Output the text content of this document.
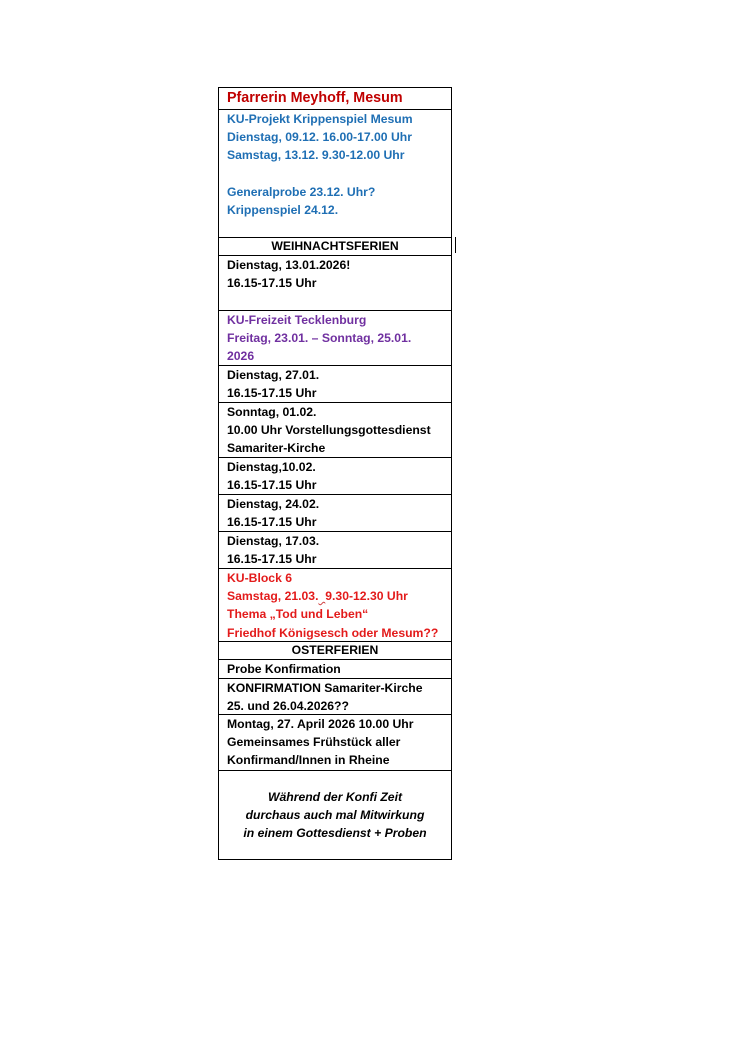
Pfarrerin Meyhoff, Mesum
KU-Projekt Krippenspiel Mesum
Dienstag, 09.12. 16.00-17.00 Uhr
Samstag, 13.12. 9.30-12.00 Uhr
Generalprobe 23.12. Uhr?
Krippenspiel 24.12.
WEIHNACHTSFERIEN
Dienstag, 13.01.2026!
16.15-17.15 Uhr
KU-Freizeit Tecklenburg
Freitag, 23.01. – Sonntag, 25.01.
2026
Dienstag, 27.01.
16.15-17.15 Uhr
Sonntag, 01.02.
10.00 Uhr Vorstellungsgottesdienst
Samariter-Kirche
Dienstag,10.02.
16.15-17.15 Uhr
Dienstag, 24.02.
16.15-17.15 Uhr
Dienstag, 17.03.
16.15-17.15 Uhr
KU-Block 6
Samstag, 21.03. 9.30-12.30 Uhr
Thema „Tod und Leben“
Friedhof Königsesch oder Mesum??
OSTERFERIEN
Probe Konfirmation
KONFIRMATION Samariter-Kirche
25. und 26.04.2026??
Montag, 27. April 2026 10.00 Uhr
Gemeinsames Frühstück aller
Konfirmand/Innen in Rheine
Während der Konfi Zeit
durchaus auch mal Mitwirkung
in einem Gottesdienst + Proben
